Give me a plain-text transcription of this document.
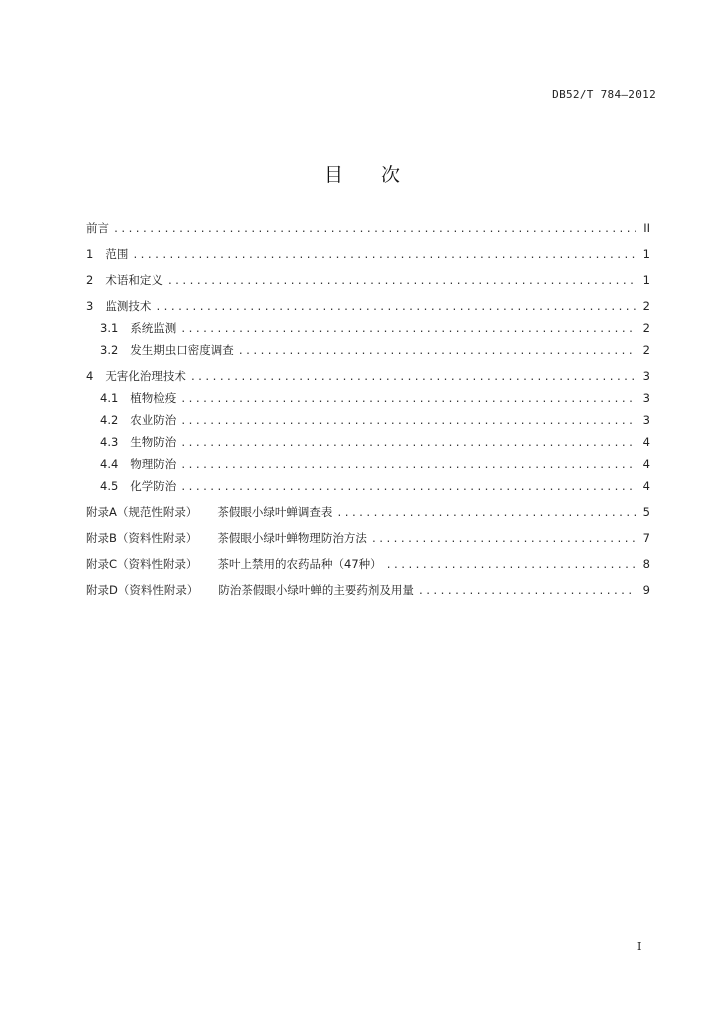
DB52/T 784—2012
目次
前言 .....	II
1 范围 .....	1
2 术语和定义 .....	1
3 监测技术 .....	2
3.1 系统监测 .....	2
3.2 发生期虫口密度调查 .....	2
4 无害化治理技术 .....	3
4.1 植物检疫 .....	3
4.2 农业防治 .....	3
4.3 生物防治 .....	4
4.4 物理防治 .....	4
4.5 化学防治 .....	4
附录A（规范性附录） 茶假眼小绿叶蝉调查表 .....	5
附录B（资料性附录） 茶假眼小绿叶蝉物理防治方法 .....	7
附录C（资料性附录） 茶叶上禁用的农药品种（47种） .....	8
附录D（资料性附录） 防治茶假眼小绿叶蝉的主要药剂及用量 .....	9
I
